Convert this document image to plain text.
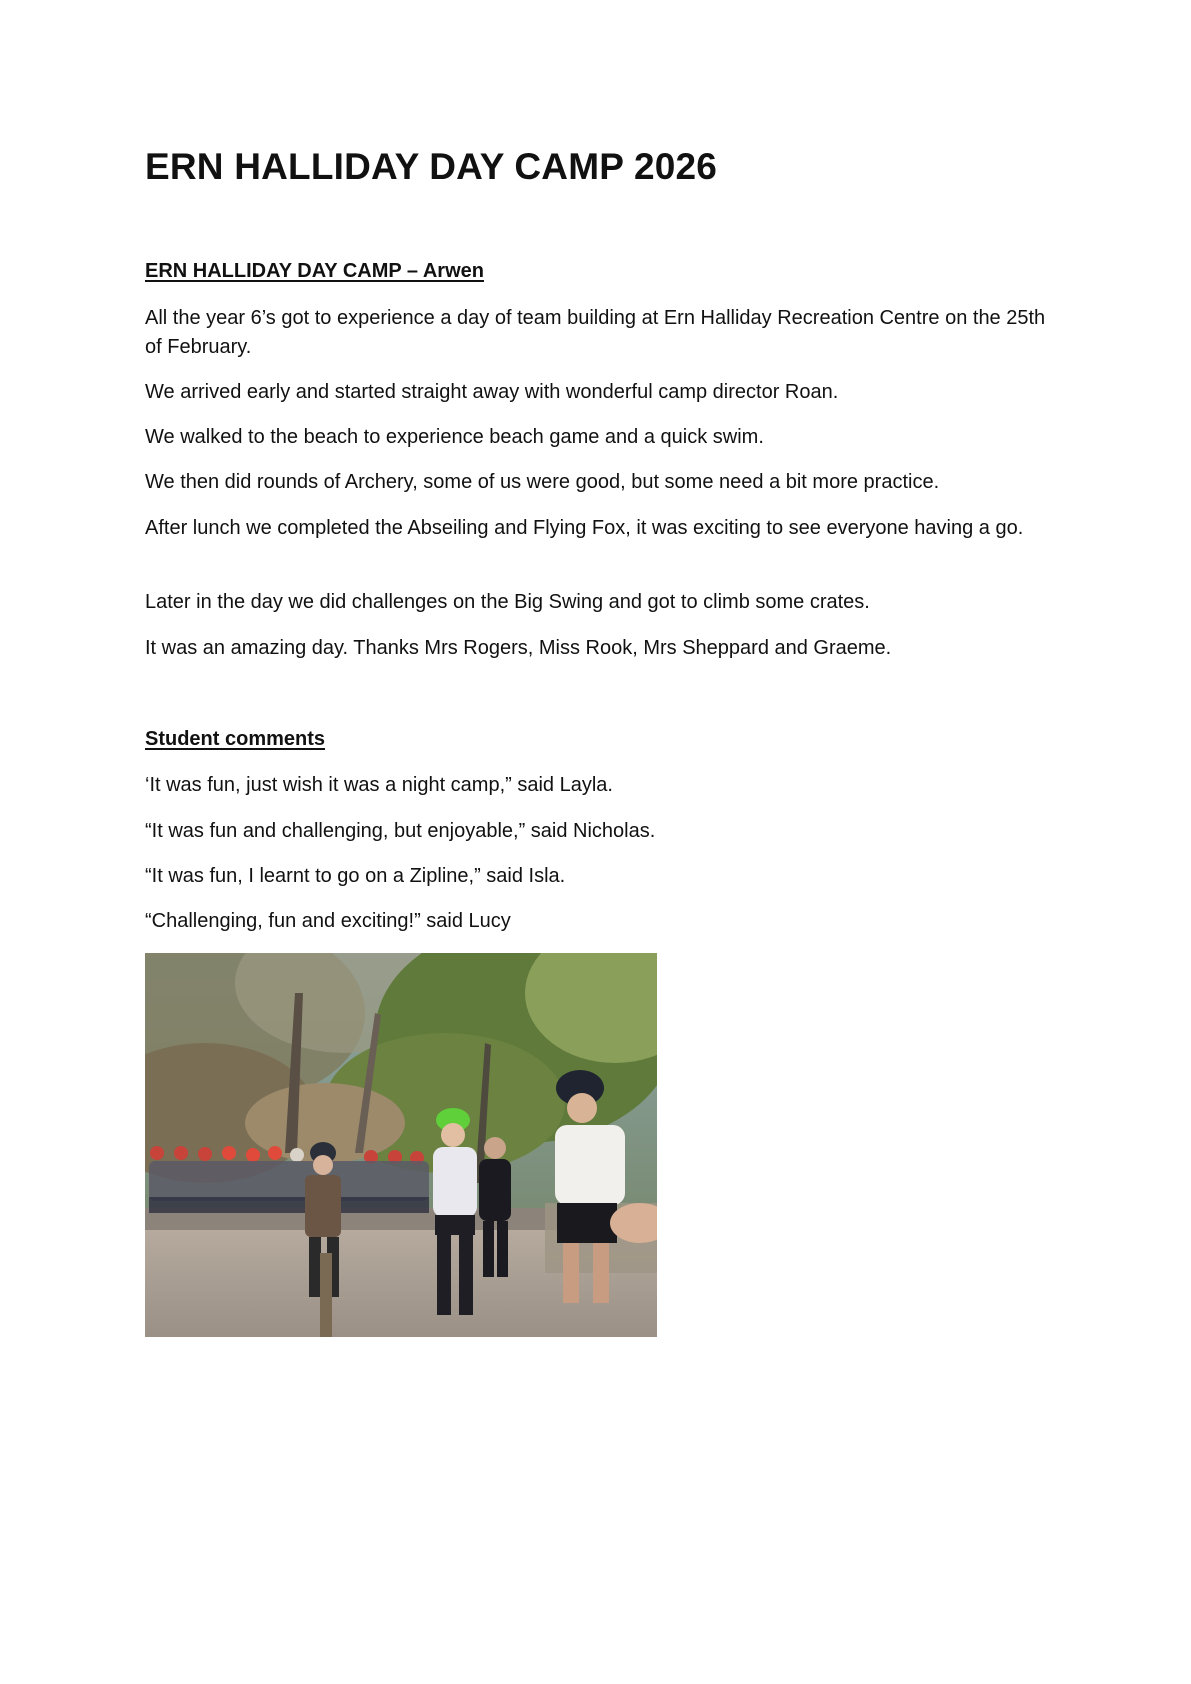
ERN HALLIDAY DAY CAMP 2026
ERN HALLIDAY DAY CAMP – Arwen

All the year 6’s got to experience a day of team building at Ern Halliday Recreation Centre on the 25th of February.

We arrived early and started straight away with wonderful camp director Roan.

We walked to the beach to experience beach game and a quick swim.

We then did rounds of Archery, some of us were good, but some need a bit more practice.

After lunch we completed the Abseiling and Flying Fox, it was exciting to see everyone having a go.

Later in the day we did challenges on the Big Swing and got to climb some crates.

It was an amazing day. Thanks Mrs Rogers, Miss Rook, Mrs Sheppard and Graeme.

Student comments

‘It was fun, just wish it was a night camp,” said Layla.

“It was fun and challenging, but enjoyable,” said Nicholas.

“It was fun, I learnt to go on a Zipline,” said Isla.

“Challenging, fun and exciting!” said Lucy
